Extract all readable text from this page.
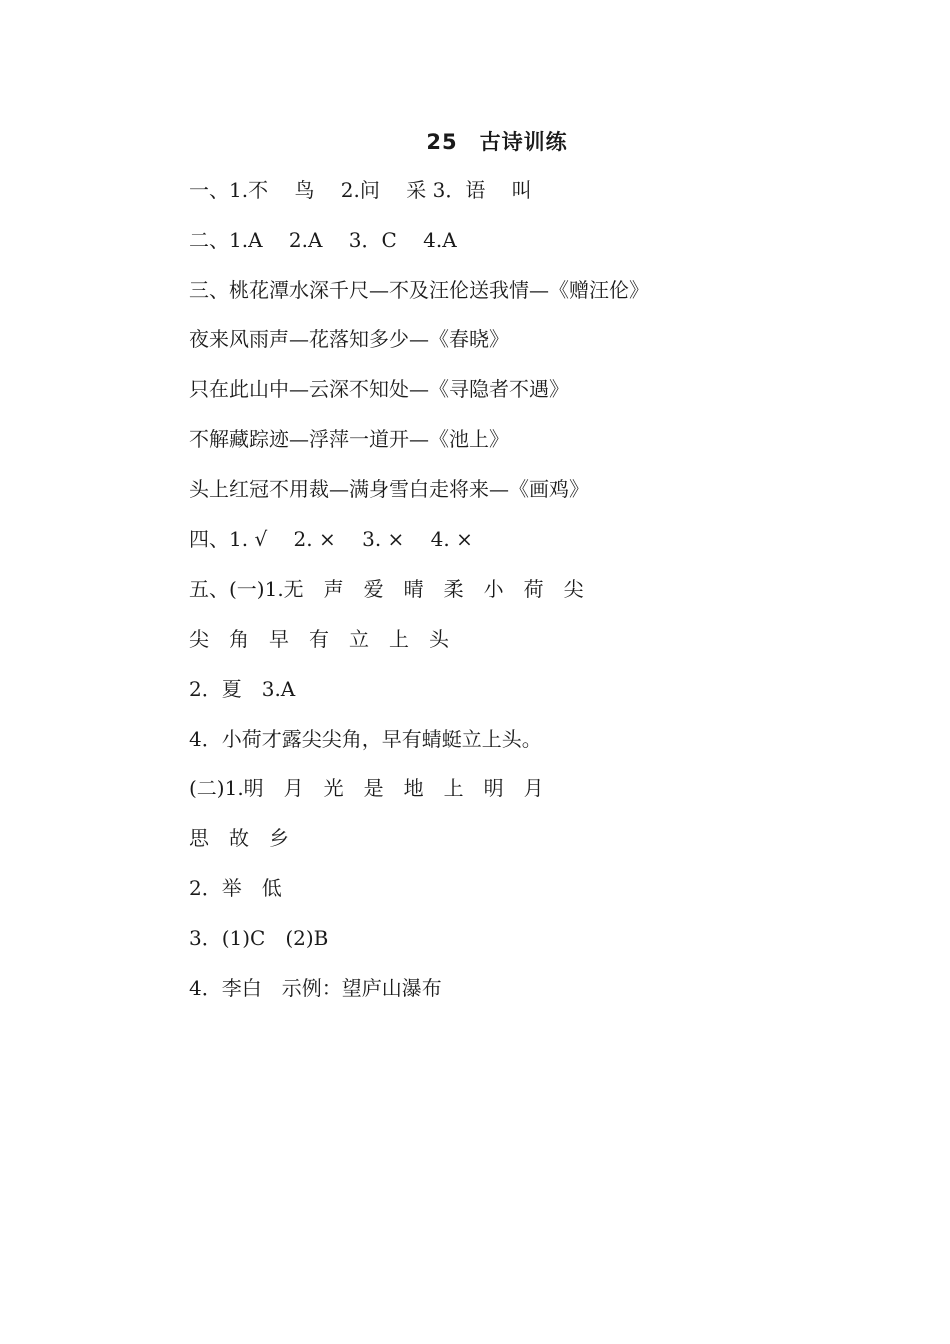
25　古诗训练
一、1.不　 鸟　 2.问　 采 3．语　 叫
二、1.A　 2.A　 3．C　 4.A
三、桃花潭水深千尺—不及汪伦送我情—《赠汪伦》
夜来风雨声—花落知多少—《春晓》
只在此山中—云深不知处—《寻隐者不遇》
不解藏踪迹—浮萍一道开—《池上》
头上红冠不用裁—满身雪白走将来—《画鸡》
四、1. √　 2. ×　 3. ×　 4. ×
五、(一)1.无　声　爱　晴　柔　小　荷　尖
尖　角　早　有　立　上　头
2．夏　3.A
4．小荷才露尖尖角，早有蜻蜓立上头。
(二)1.明　月　光　是　地　上　明　月
思　故　乡
2．举　低
3．(1)C　(2)B
4．李白　示例：望庐山瀑布
